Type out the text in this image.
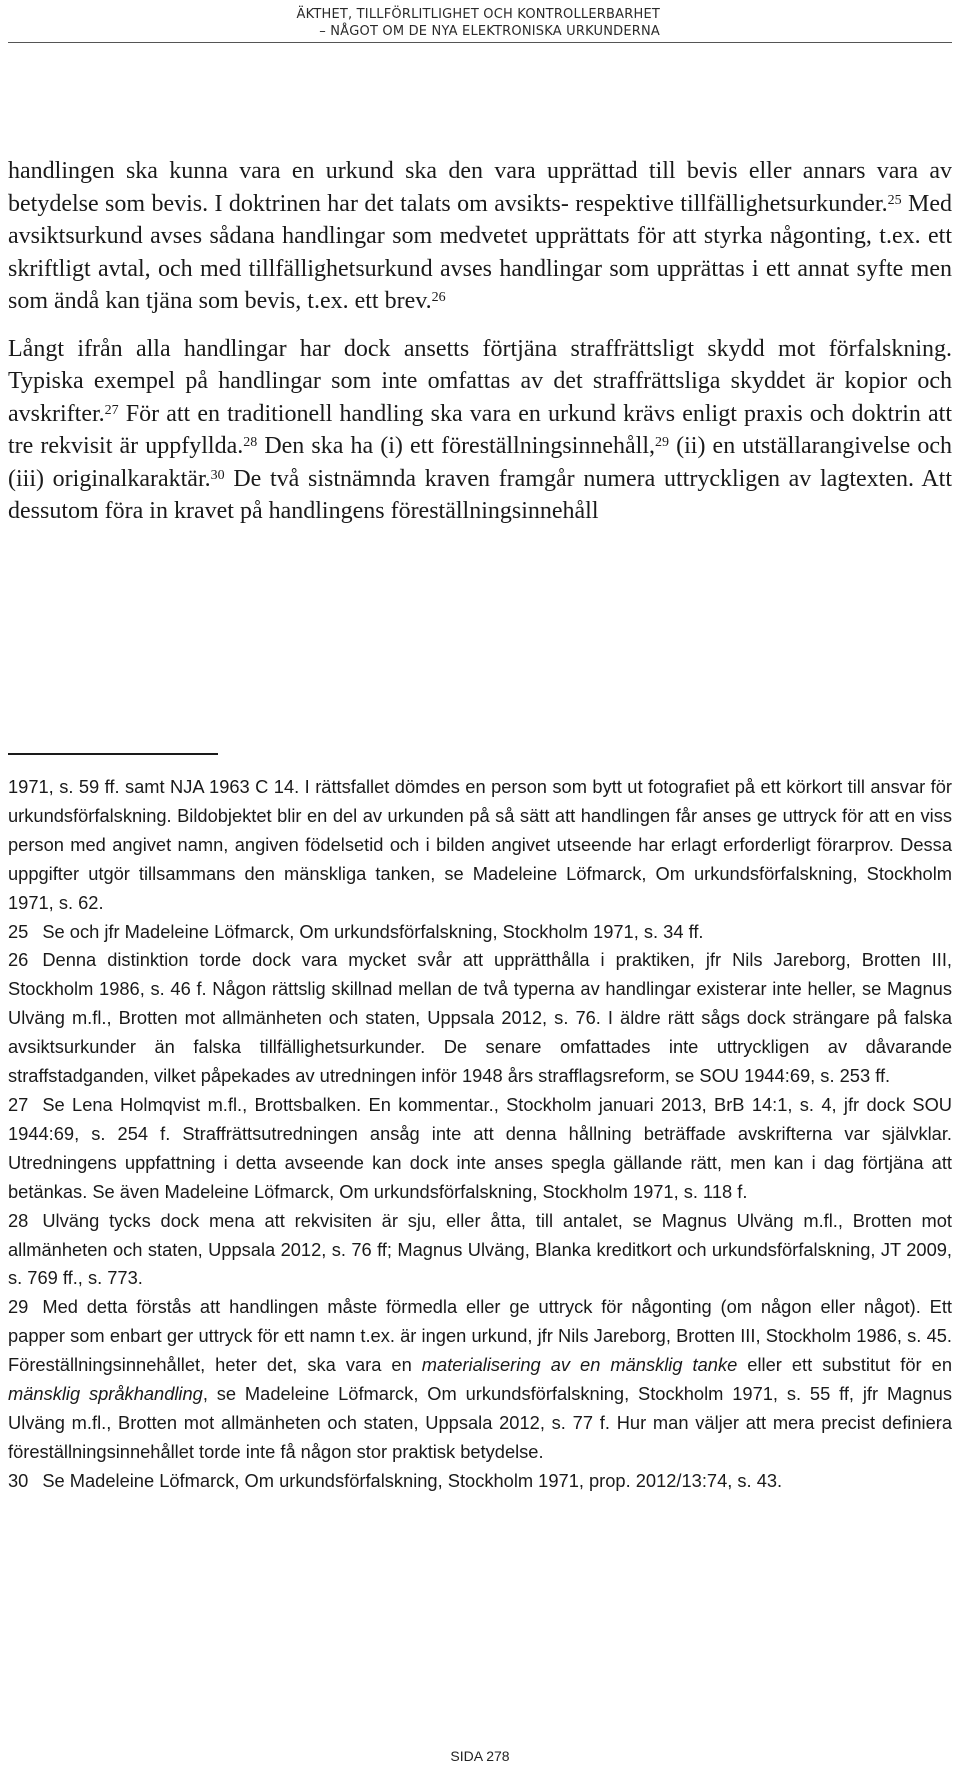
ÄKTHET, TILLFÖRLITLIGHET OCH KONTROLLERBARHET
– NÅGOT OM DE NYA ELEKTRONISKA URKUNDERNA

handlingen ska kunna vara en urkund ska den vara upprättad till bevis eller annars vara av betydelse som bevis. I doktrinen har det talats om avsikts- respektive tillfällighetsurkunder.$^{25}$ Med avsiktsurkund avses sådana handlingar som medvetet upprättats för att styrka någonting, t.ex. ett skriftligt avtal, och med tillfällighetsurkund avses handlingar som upprättas i ett annat syfte men som ändå kan tjäna som bevis, t.ex. ett brev.$^{26}$

Långt ifrån alla handlingar har dock ansetts förtjäna straffrättsligt skydd mot förfalskning. Typiska exempel på handlingar som inte omfattas av det straffrättsliga skyddet är kopior och avskrifter.$^{27}$ För att en traditionell handling ska vara en urkund krävs enligt praxis och doktrin att tre rekvisit är uppfyllda.$^{28}$ Den ska ha (i) ett föreställningsinnehåll,$^{29}$ (ii) en utställarangivelse och (iii) originalkaraktär.$^{30}$ De två sistnämnda kraven framgår numera uttryckligen av lagtexten. Att dessutom föra in kravet på handlingens föreställningsinnehåll

1971, s. 59 ff. samt NJA 1963 C 14. I rättsfallet dömdes en person som bytt ut fotografiet på ett körkort till ansvar för urkundsförfalskning. Bildobjektet blir en del av urkunden på så sätt att handlingen får anses ge uttryck för att en viss person med angivet namn, angiven födelsetid och i bilden angivet utseende har erlagt erforderligt förarprov. Dessa uppgifter utgör tillsammans den mänskliga tanken, se Madeleine Löfmarck, Om urkundsförfalskning, Stockholm 1971, s. 62.

25 Se och jfr Madeleine Löfmarck, Om urkundsförfalskning, Stockholm 1971, s. 34 ff.

26 Denna distinktion torde dock vara mycket svår att upprätthålla i praktiken, jfr Nils Jareborg, Brotten III, Stockholm 1986, s. 46 f. Någon rättslig skillnad mellan de två typerna av handlingar existerar inte heller, se Magnus Ulväng m.fl., Brotten mot allmänheten och staten, Uppsala 2012, s. 76. I äldre rätt sågs dock strängare på falska avsiktsurkunder än falska tillfällighetsurkunder. De senare omfattades inte uttryckligen av dåvarande straffstadganden, vilket påpekades av utredningen inför 1948 års strafflagsreform, se SOU 1944:69, s. 253 ff.

27 Se Lena Holmqvist m.fl., Brottsbalken. En kommentar., Stockholm januari 2013, BrB 14:1, s. 4, jfr dock SOU 1944:69, s. 254 f. Straffrättsutredningen ansåg inte att denna hållning beträffade avskrifterna var självklar. Utredningens uppfattning i detta avseende kan dock inte anses spegla gällande rätt, men kan i dag förtjäna att betänkas. Se även Madeleine Löfmarck, Om urkundsförfalskning, Stockholm 1971, s. 118 f.

28 Ulväng tycks dock mena att rekvisiten är sju, eller åtta, till antalet, se Magnus Ulväng m.fl., Brotten mot allmänheten och staten, Uppsala 2012, s. 76 ff; Magnus Ulväng, Blanka kreditkort och urkundsförfalskning, JT 2009, s. 769 ff., s. 773.

29 Med detta förstås att handlingen måste förmedla eller ge uttryck för någonting (om någon eller något). Ett papper som enbart ger uttryck för ett namn t.ex. är ingen urkund, jfr Nils Jareborg, Brotten III, Stockholm 1986, s. 45. Föreställningsinnehållet, heter det, ska vara en materialisering av en mänsklig tanke eller ett substitut för en mänsklig språkhandling, se Madeleine Löfmarck, Om urkundsförfalskning, Stockholm 1971, s. 55 ff, jfr Magnus Ulväng m.fl., Brotten mot allmänheten och staten, Uppsala 2012, s. 77 f. Hur man väljer att mera precist definiera föreställningsinnehållet torde inte få någon stor praktisk betydelse.

30 Se Madeleine Löfmarck, Om urkundsförfalskning, Stockholm 1971, prop. 2012/13:74, s. 43.

SIDA 278
